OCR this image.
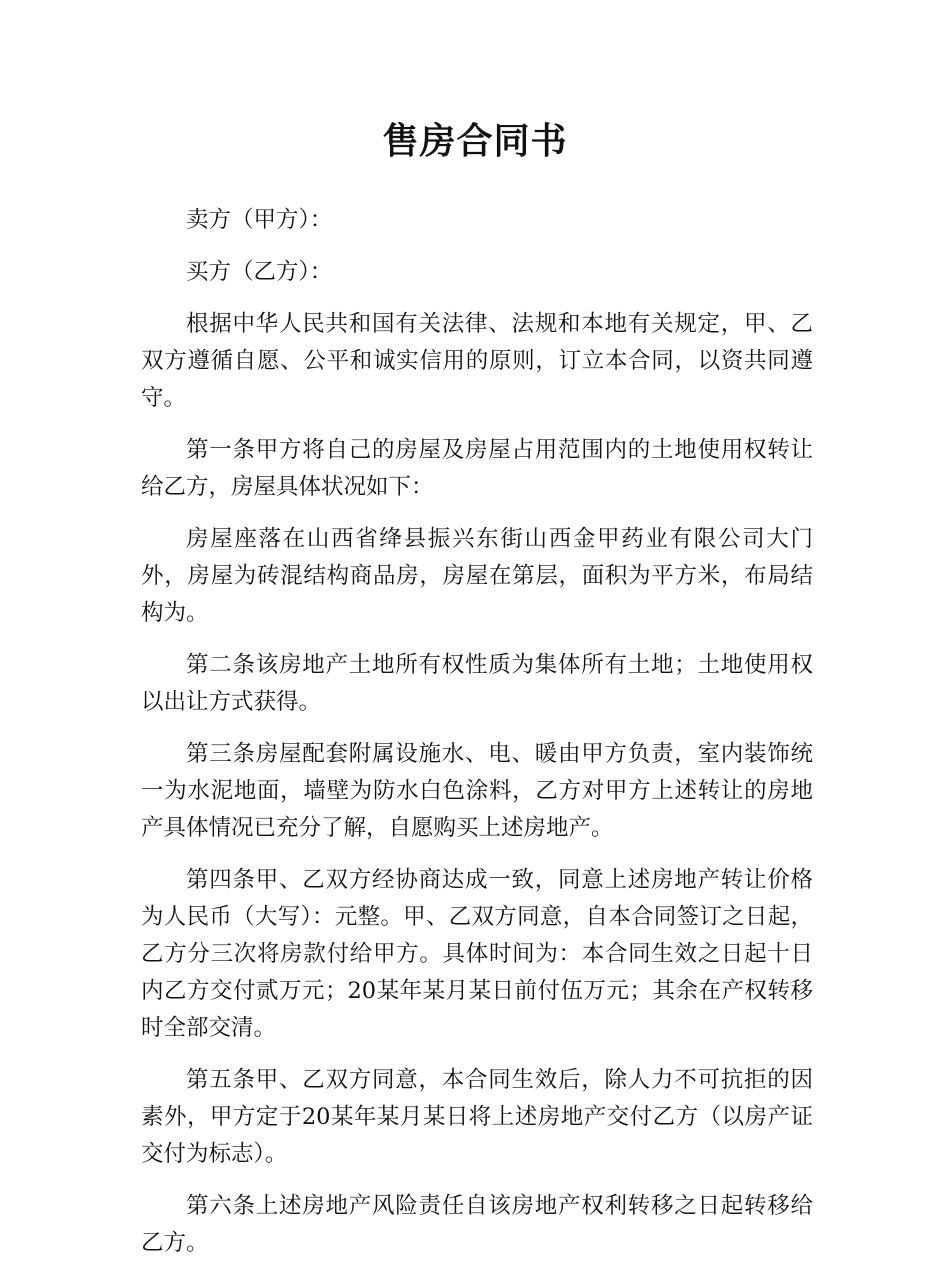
售房合同书

卖方（甲方）：

买方（乙方）：

根据中华人民共和国有关法律、法规和本地有关规定，甲、乙双方遵循自愿、公平和诚实信用的原则，订立本合同，以资共同遵守。

第一条甲方将自己的房屋及房屋占用范围内的土地使用权转让给乙方，房屋具体状况如下：

房屋座落在山西省绛县振兴东街山西金甲药业有限公司大门外，房屋为砖混结构商品房，房屋在第层，面积为平方米，布局结构为。

第二条该房地产土地所有权性质为集体所有土地；土地使用权以出让方式获得。

第三条房屋配套附属设施水、电、暖由甲方负责，室内装饰统一为水泥地面，墙壁为防水白色涂料，乙方对甲方上述转让的房地产具体情况已充分了解，自愿购买上述房地产。

第四条甲、乙双方经协商达成一致，同意上述房地产转让价格为人民币（大写）：元整。甲、乙双方同意，自本合同签订之日起，乙方分三次将房款付给甲方。具体时间为：本合同生效之日起十日内乙方交付贰万元；20某年某月某日前付伍万元；其余在产权转移时全部交清。

第五条甲、乙双方同意，本合同生效后，除人力不可抗拒的因素外，甲方定于20某年某月某日将上述房地产交付乙方（以房产证交付为标志）。

第六条上述房地产风险责任自该房地产权利转移之日起转移给乙方。
